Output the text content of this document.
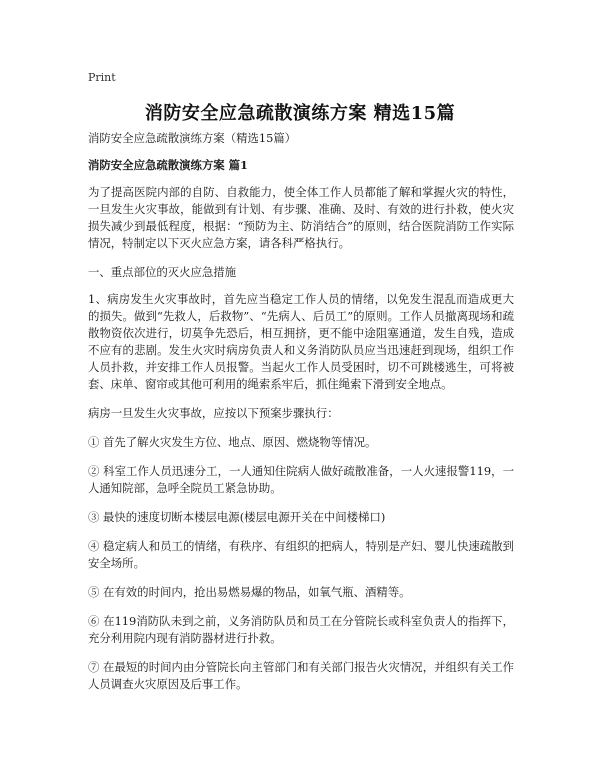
Print
消防安全应急疏散演练方案 精选15篇

消防安全应急疏散演练方案（精选15篇）

消防安全应急疏散演练方案 篇1

为了提高医院内部的自防、自救能力，使全体工作人员都能了解和掌握火灾的特性，一旦发生火灾事故，能做到有计划、有步骤、准确、及时、有效的进行扑救，使火灾损失减少到最低程度，根据：“预防为主、防消结合”的原则，结合医院消防工作实际情况，特制定以下灭火应急方案，请各科严格执行。

一、重点部位的灭火应急措施

1、病房发生火灾事故时，首先应当稳定工作人员的情绪，以免发生混乱而造成更大的损失。做到“先救人，后救物”、“先病人、后员工”的原则。工作人员撤离现场和疏散物资依次进行，切莫争先恐后，相互拥挤，更不能中途阻塞通道，发生自残，造成不应有的悲剧。发生火灾时病房负责人和义务消防队员应当迅速赶到现场，组织工作人员扑救，并安排工作人员报警。当起火工作人员受困时，切不可跳楼逃生，可将被套、床单、窗帘或其他可利用的绳索系牢后，抓住绳索下滑到安全地点。

病房一旦发生火灾事故，应按以下预案步骤执行：

① 首先了解火灾发生方位、地点、原因、燃烧物等情况。

② 科室工作人员迅速分工，一人通知住院病人做好疏散准备，一人火速报警119，一人通知院部，急呼全院员工紧急协助。

③ 最快的速度切断本楼层电源(楼层电源开关在中间楼梯口)

④ 稳定病人和员工的情绪，有秩序、有组织的把病人，特别是产妇、婴儿快速疏散到安全场所。

⑤ 在有效的时间内，抢出易燃易爆的物品，如氧气瓶、酒精等。

⑥ 在119消防队未到之前，义务消防队员和员工在分管院长或科室负责人的指挥下，充分利用院内现有消防器材进行扑救。

⑦ 在最短的时间内由分管院长向主管部门和有关部门报告火灾情况，并组织有关工作人员调查火灾原因及后事工作。
